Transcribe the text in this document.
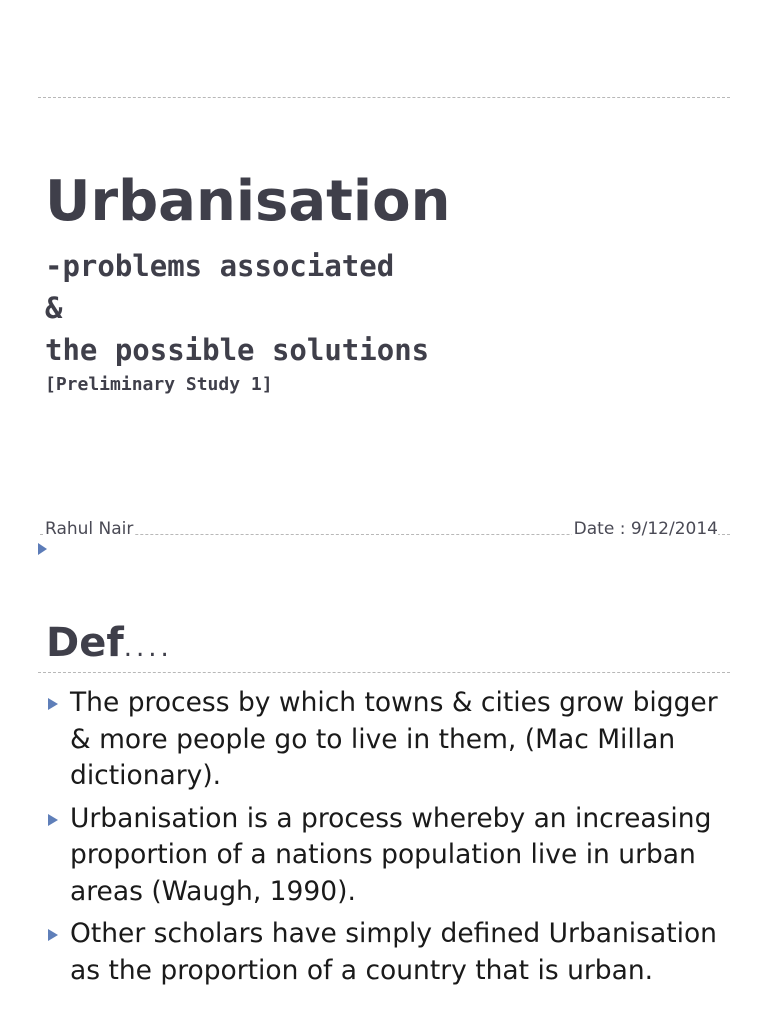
Urbanisation
-problems associated
&
the possible solutions
[Preliminary Study 1]
Rahul Nair	Date : 9/12/2014
Def....
The process by which towns & cities grow bigger & more people go to live in them, (Mac Millan dictionary).
Urbanisation is a process whereby an increasing proportion of a nations population live in urban areas (Waugh, 1990).
Other scholars have simply defined Urbanisation as the proportion of a country that is urban.
